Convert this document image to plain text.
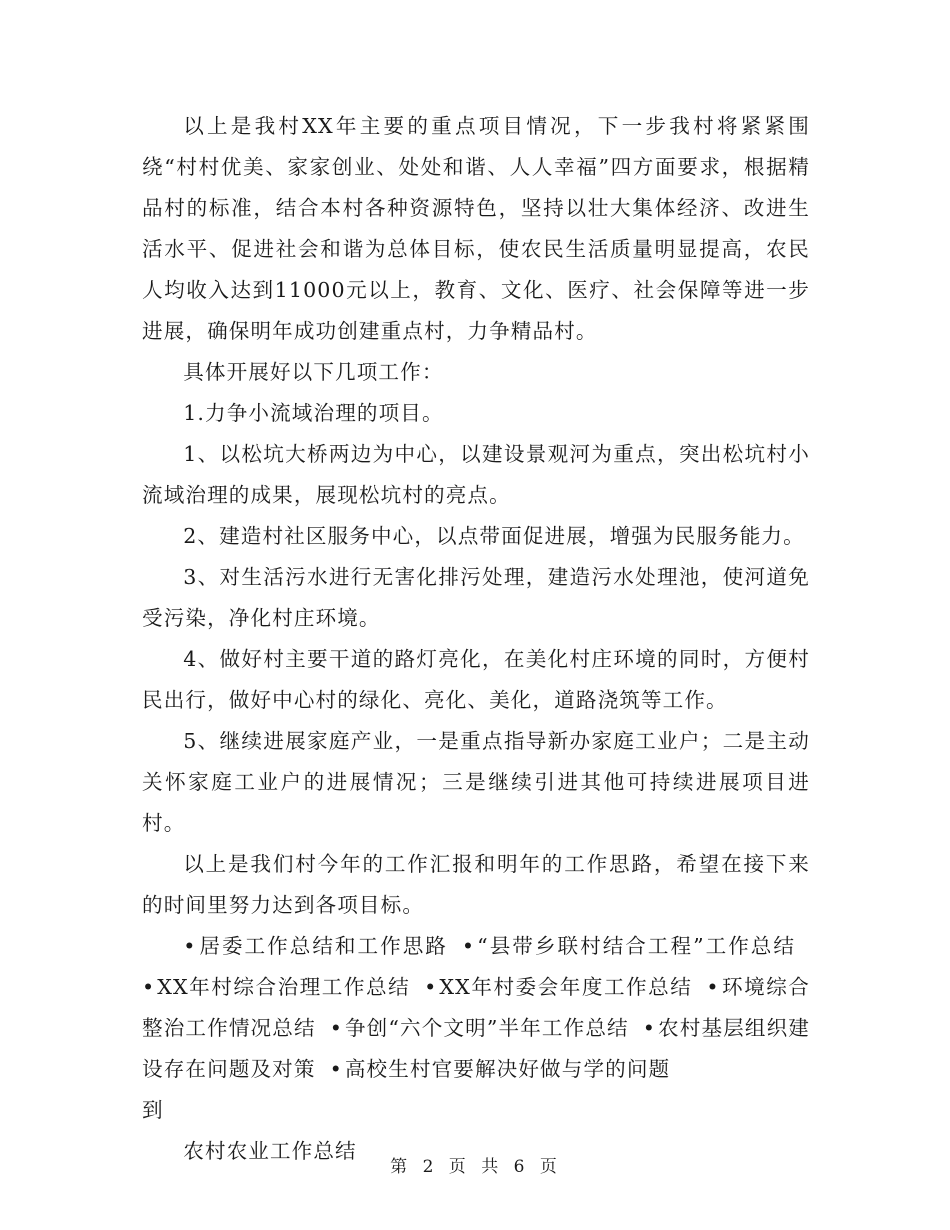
以上是我村XX年主要的重点项目情况，下一步我村将紧紧围绕“村村优美、家家创业、处处和谐、人人幸福”四方面要求，根据精品村的标准，结合本村各种资源特色，坚持以壮大集体经济、改进生活水平、促进社会和谐为总体目标，使农民生活质量明显提高，农民人均收入达到11000元以上，教育、文化、医疗、社会保障等进一步进展，确保明年成功创建重点村，力争精品村。

具体开展好以下几项工作：

1.力争小流域治理的项目。

1、以松坑大桥两边为中心，以建设景观河为重点，突出松坑村小流域治理的成果，展现松坑村的亮点。

2、建造村社区服务中心，以点带面促进展，增强为民服务能力。

3、对生活污水进行无害化排污处理，建造污水处理池，使河道免受污染，净化村庄环境。

4、做好村主要干道的路灯亮化，在美化村庄环境的同时，方便村民出行，做好中心村的绿化、亮化、美化，道路浇筑等工作。

5、继续进展家庭产业，一是重点指导新办家庭工业户；二是主动关怀家庭工业户的进展情况；三是继续引进其他可持续进展项目进村。

以上是我们村今年的工作汇报和明年的工作思路，希望在接下来的时间里努力达到各项目标。

•居委工作总结和工作思路 •“县带乡联村结合工程”工作总结•XX年村综合治理工作总结 •XX年村委会年度工作总结 •环境综合整治工作情况总结 •争创“六个文明”半年工作总结 •农村基层组织建设存在问题及对策 •高校生村官要解决好做与学的问题

到

农村农业工作总结

第 2 页 共 6 页
